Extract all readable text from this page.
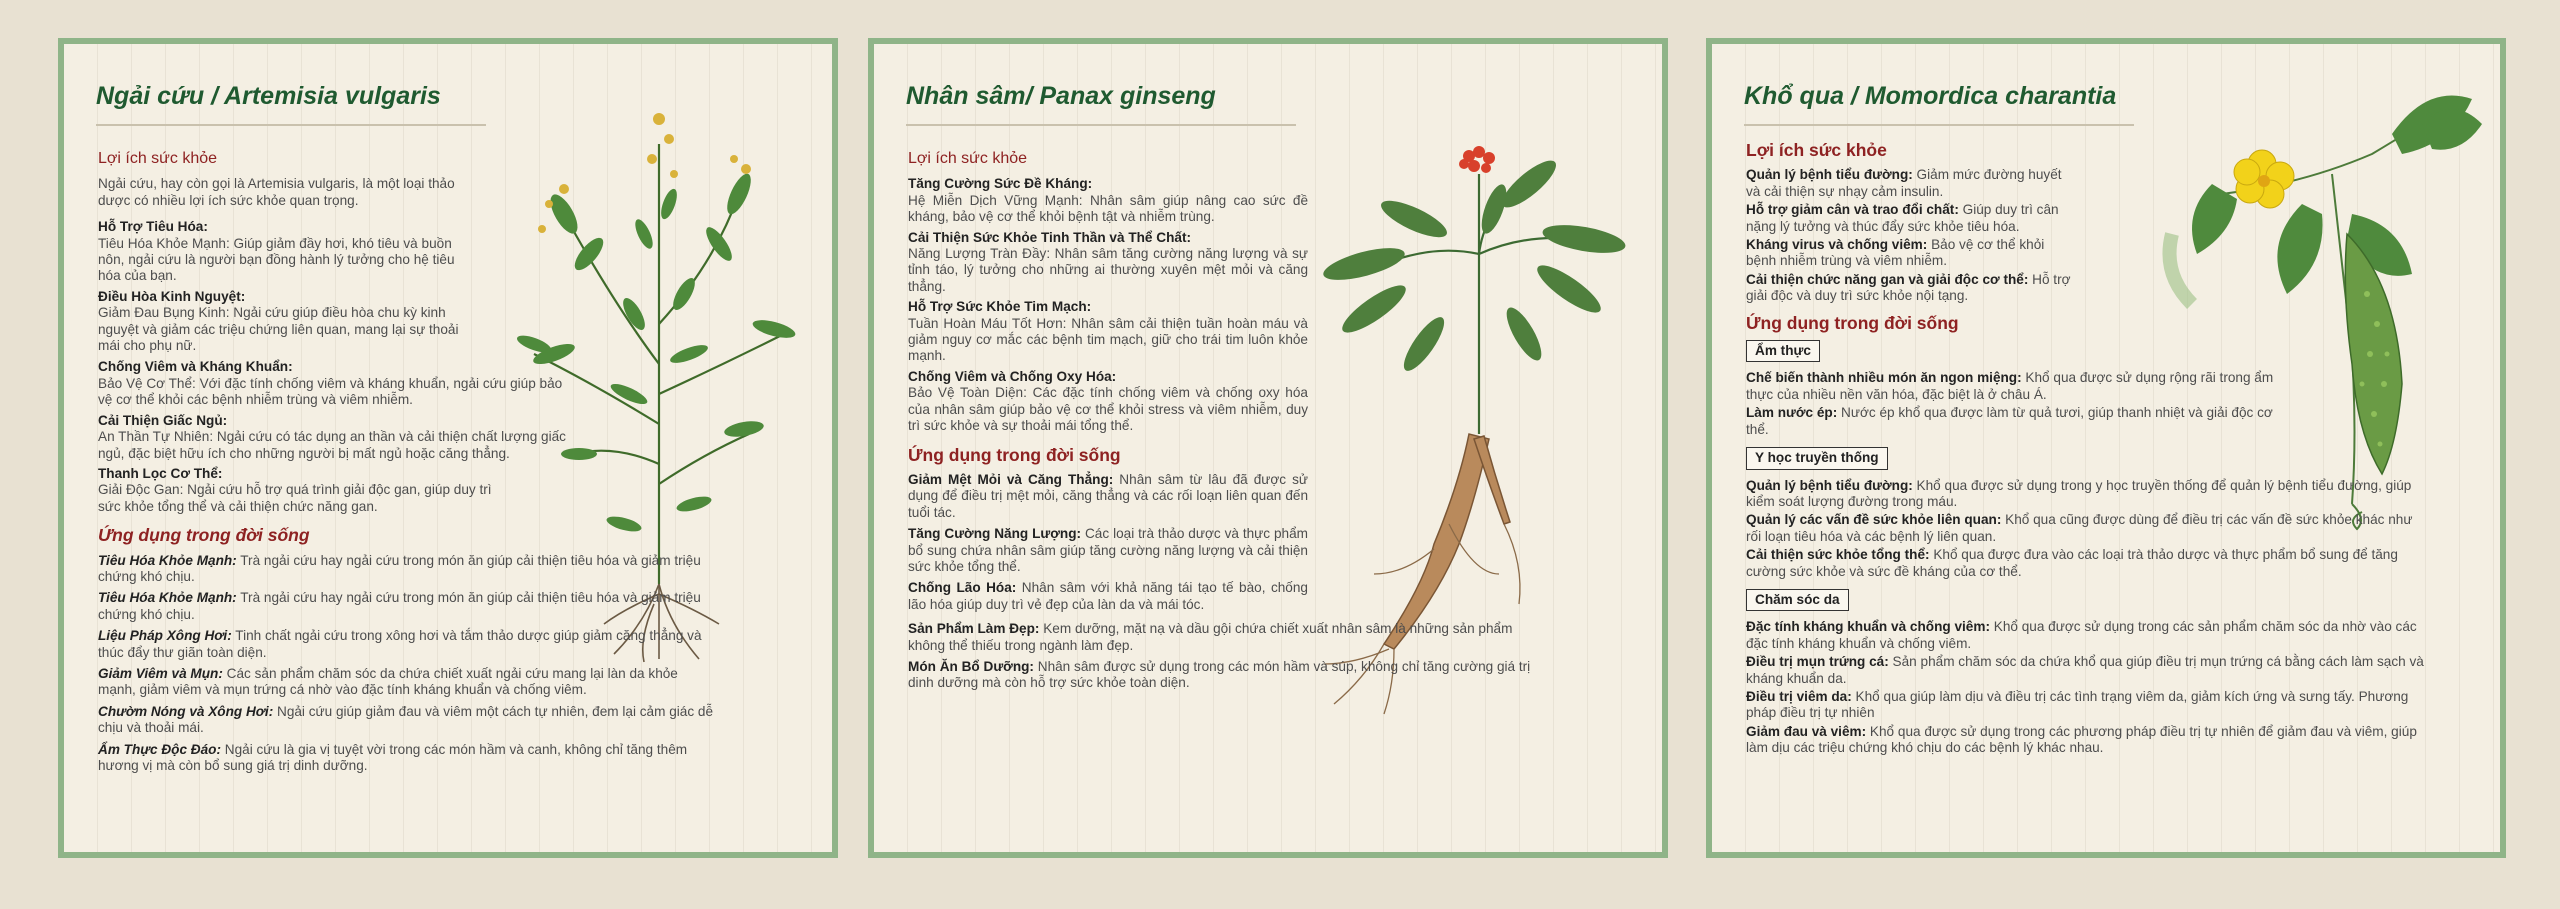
Ngải cứu / Artemisia vulgaris
Lợi ích sức khỏe

Ngải cứu, hay còn gọi là Artemisia vulgaris, là một loại thảo dược có nhiều lợi ích sức khỏe quan trọng.

Hỗ Trợ Tiêu Hóa:

Tiêu Hóa Khỏe Mạnh: Giúp giảm đầy hơi, khó tiêu và buồn nôn, ngải cứu là người bạn đồng hành lý tưởng cho hệ tiêu hóa của bạn.

Điều Hòa Kinh Nguyệt:

Giảm Đau Bụng Kinh: Ngải cứu giúp điều hòa chu kỳ kinh nguyệt và giảm các triệu chứng liên quan, mang lại sự thoải mái cho phụ nữ.

Chống Viêm và Kháng Khuẩn:

Bảo Vệ Cơ Thể: Với đặc tính chống viêm và kháng khuẩn, ngải cứu giúp bảo vệ cơ thể khỏi các bệnh nhiễm trùng và viêm nhiễm.

Cải Thiện Giấc Ngủ:

An Thần Tự Nhiên: Ngải cứu có tác dụng an thần và cải thiện chất lượng giấc ngủ, đặc biệt hữu ích cho những người bị mất ngủ hoặc căng thẳng.

Thanh Lọc Cơ Thể:

Giải Độc Gan: Ngải cứu hỗ trợ quá trình giải độc gan, giúp duy trì sức khỏe tổng thể và cải thiện chức năng gan.

Ứng dụng trong đời sống

Tiêu Hóa Khỏe Mạnh: Trà ngải cứu hay ngải cứu trong món ăn giúp cải thiện tiêu hóa và giảm triệu chứng khó chịu.

Tiêu Hóa Khỏe Mạnh: Trà ngải cứu hay ngải cứu trong món ăn giúp cải thiện tiêu hóa và giảm triệu chứng khó chịu.

Liệu Pháp Xông Hơi: Tinh chất ngải cứu trong xông hơi và tắm thảo dược giúp giảm căng thẳng và thúc đẩy thư giãn toàn diện.

Giảm Viêm và Mụn: Các sản phẩm chăm sóc da chứa chiết xuất ngải cứu mang lại làn da khỏe mạnh, giảm viêm và mụn trứng cá nhờ vào đặc tính kháng khuẩn và chống viêm.

Chườm Nóng và Xông Hơi: Ngải cứu giúp giảm đau và viêm một cách tự nhiên, đem lại cảm giác dễ chịu và thoải mái.

Ẩm Thực Độc Đáo: Ngải cứu là gia vị tuyệt vời trong các món hầm và canh, không chỉ tăng thêm hương vị mà còn bổ sung giá trị dinh dưỡng.

Nhân sâm/ Panax ginseng
Lợi ích sức khỏe
Tăng Cường Sức Đề Kháng:

Hệ Miễn Dịch Vững Mạnh: Nhân sâm giúp nâng cao sức đề kháng, bảo vệ cơ thể khỏi bệnh tật và nhiễm trùng.

Cải Thiện Sức Khỏe Tinh Thần và Thể Chất:

Năng Lượng Tràn Đầy: Nhân sâm tăng cường năng lượng và sự tỉnh táo, lý tưởng cho những ai thường xuyên mệt mỏi và căng thẳng.

Hỗ Trợ Sức Khỏe Tim Mạch:

Tuần Hoàn Máu Tốt Hơn: Nhân sâm cải thiện tuần hoàn máu và giảm nguy cơ mắc các bệnh tim mạch, giữ cho trái tim luôn khỏe mạnh.

Chống Viêm và Chống Oxy Hóa:

Bảo Vệ Toàn Diện: Các đặc tính chống viêm và chống oxy hóa của nhân sâm giúp bảo vệ cơ thể khỏi stress và viêm nhiễm, duy trì sức khỏe và sự thoải mái tổng thể.

Ứng dụng trong đời sống

Giảm Mệt Mỏi và Căng Thẳng: Nhân sâm từ lâu đã được sử dụng để điều trị mệt mỏi, căng thẳng và các rối loạn liên quan đến tuổi tác.

Tăng Cường Năng Lượng: Các loại trà thảo dược và thực phẩm bổ sung chứa nhân sâm giúp tăng cường năng lượng và cải thiện sức khỏe tổng thể.

Chống Lão Hóa: Nhân sâm với khả năng tái tạo tế bào, chống lão hóa giúp duy trì vẻ đẹp của làn da và mái tóc.

Sản Phẩm Làm Đẹp: Kem dưỡng, mặt nạ và dầu gội chứa chiết xuất nhân sâm là những sản phẩm không thể thiếu trong ngành làm đẹp.

Món Ăn Bổ Dưỡng: Nhân sâm được sử dụng trong các món hầm và súp, không chỉ tăng cường giá trị dinh dưỡng mà còn hỗ trợ sức khỏe toàn diện.

Khổ qua / Momordica charantia
Lợi ích sức khỏe

Quản lý bệnh tiểu đường: Giảm mức đường huyết và cải thiện sự nhạy cảm insulin.

Hỗ trợ giảm cân và trao đổi chất: Giúp duy trì cân nặng lý tưởng và thúc đẩy sức khỏe tiêu hóa.

Kháng virus và chống viêm: Bảo vệ cơ thể khỏi bệnh nhiễm trùng và viêm nhiễm.

Cải thiện chức năng gan và giải độc cơ thể: Hỗ trợ giải độc và duy trì sức khỏe nội tạng.

Ứng dụng trong đời sống
Ẩm thực

Chế biến thành nhiều món ăn ngon miệng: Khổ qua được sử dụng rộng rãi trong ẩm thực của nhiều nền văn hóa, đặc biệt là ở châu Á.

Làm nước ép: Nước ép khổ qua được làm từ quả tươi, giúp thanh nhiệt và giải độc cơ thể.

Y học truyền thống

Quản lý bệnh tiểu đường: Khổ qua được sử dụng trong y học truyền thống để quản lý bệnh tiểu đường, giúp kiểm soát lượng đường trong máu.

Quản lý các vấn đề sức khỏe liên quan: Khổ qua cũng được dùng để điều trị các vấn đề sức khỏe khác như rối loạn tiêu hóa và các bệnh lý liên quan.

Cải thiện sức khỏe tổng thể: Khổ qua được đưa vào các loại trà thảo dược và thực phẩm bổ sung để tăng cường sức khỏe và sức đề kháng của cơ thể.

Chăm sóc da

Đặc tính kháng khuẩn và chống viêm: Khổ qua được sử dụng trong các sản phẩm chăm sóc da nhờ vào các đặc tính kháng khuẩn và chống viêm.

Điều trị mụn trứng cá: Sản phẩm chăm sóc da chứa khổ qua giúp điều trị mụn trứng cá bằng cách làm sạch và kháng khuẩn da.

Điều trị viêm da: Khổ qua giúp làm dịu và điều trị các tình trạng viêm da, giảm kích ứng và sưng tấy. Phương pháp điều trị tự nhiên

Giảm đau và viêm: Khổ qua được sử dụng trong các phương pháp điều trị tự nhiên để giảm đau và viêm, giúp làm dịu các triệu chứng khó chịu do các bệnh lý khác nhau.
